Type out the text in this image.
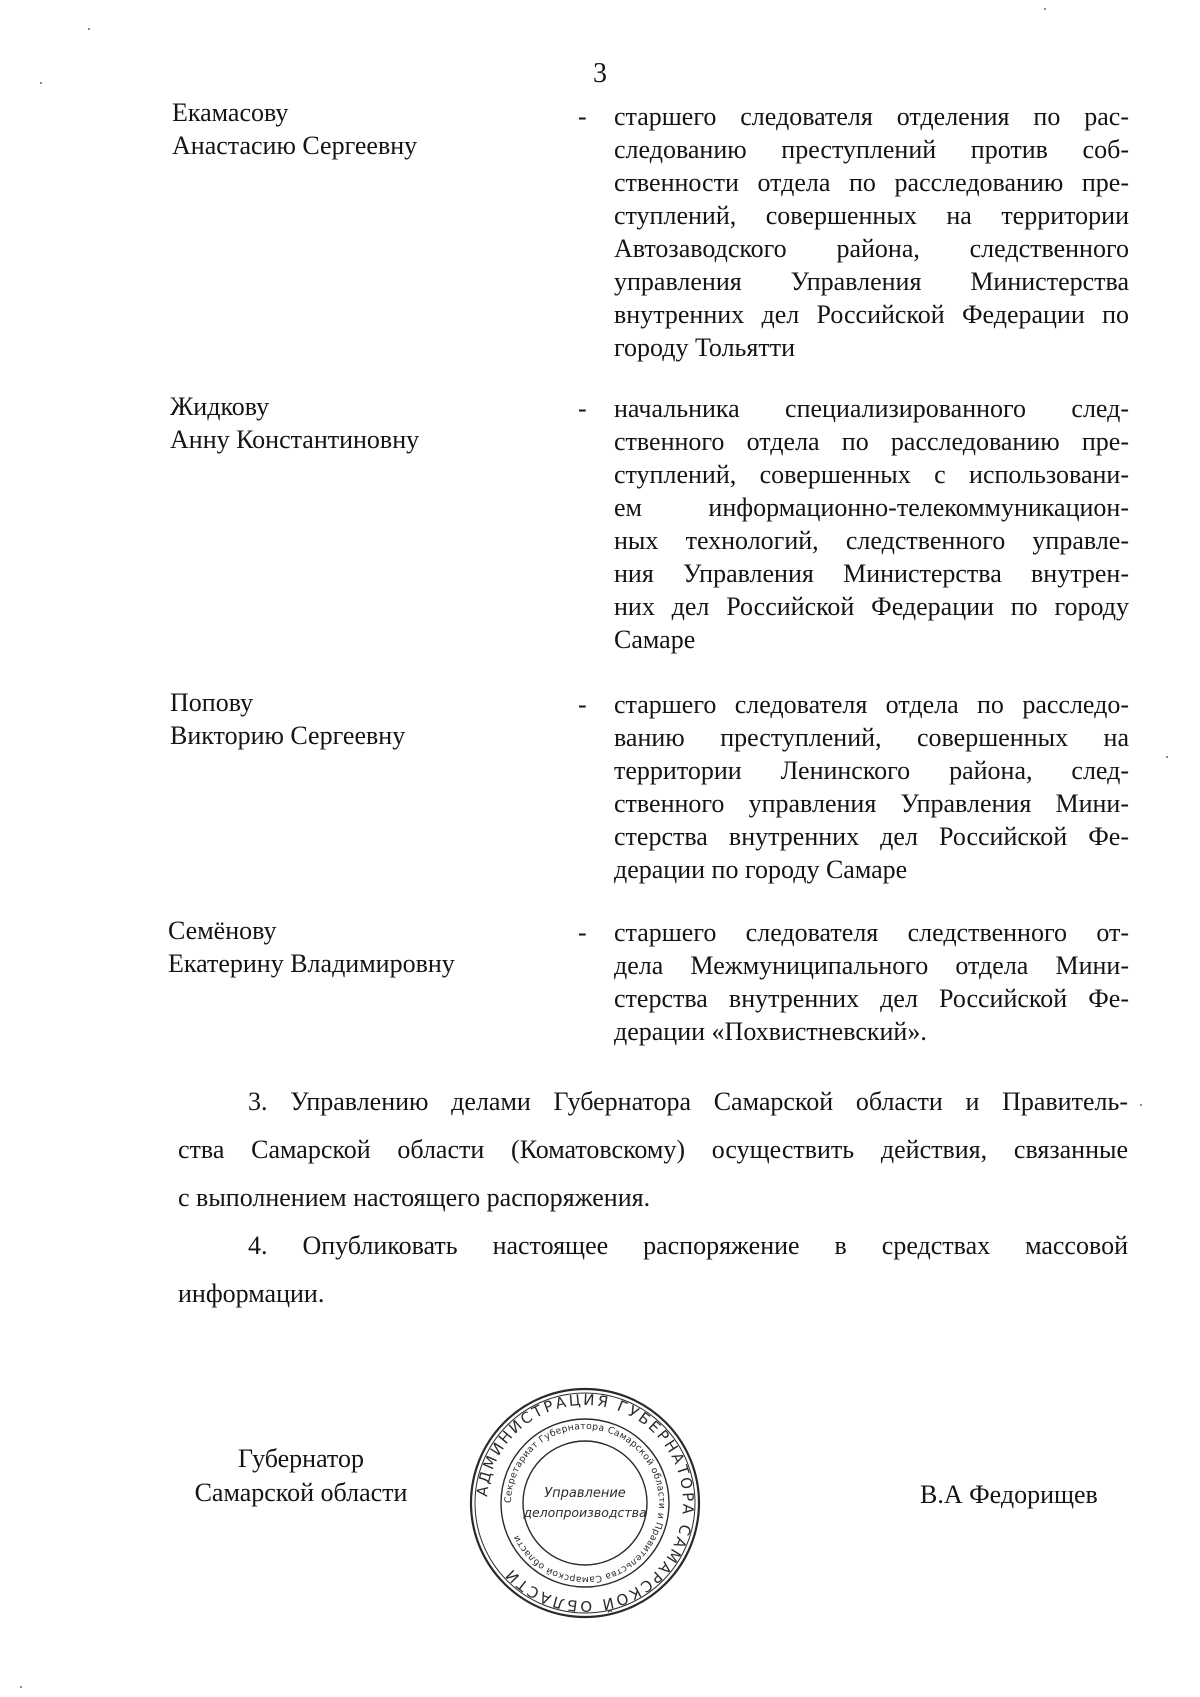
3
Екамасову
Анастасию Сергеевну
-	старшего следователя отделения по рас-
следованию преступлений против соб-
ственности отдела по расследованию пре-
ступлений, совершенных на территории
Автозаводского района, следственного
управления Управления Министерства
внутренних дел Российской Федерации по
городу Тольятти
Жидкову
Анну Константиновну
-	начальника специализированного след-
ственного отдела по расследованию пре-
ступлений, совершенных с использовани-
ем информационно-телекоммуникацион-
ных технологий, следственного управле-
ния Управления Министерства внутрен-
них дел Российской Федерации по городу
Самаре
Попову
Викторию Сергеевну
-	старшего следователя отдела по расследо-
ванию преступлений, совершенных на
территории Ленинского района, след-
ственного управления Управления Мини-
стерства внутренних дел Российской Фе-
дерации по городу Самаре
Семёнову
Екатерину Владимировну
-	старшего следователя следственного от-
дела Межмуниципального отдела Мини-
стерства внутренних дел Российской Фе-
дерации «Похвистневский».
3. Управлению делами Губернатора Самарской области и Правитель-
ства Самарской области (Коматовскому) осуществить действия, связанные
с выполнением настоящего распоряжения.
4. Опубликовать настоящее распоряжение в средствах массовой
информации.
Губернатор
Самарской области	В.А Федорищев
АДМИНИСТРАЦИЯ ГУБЕРНАТОРА САМАРСКОЙ ОБЛАСТИ
Секретариат Губернатора Самарской области и Правительства Самарской области
Управление
делопроизводства
